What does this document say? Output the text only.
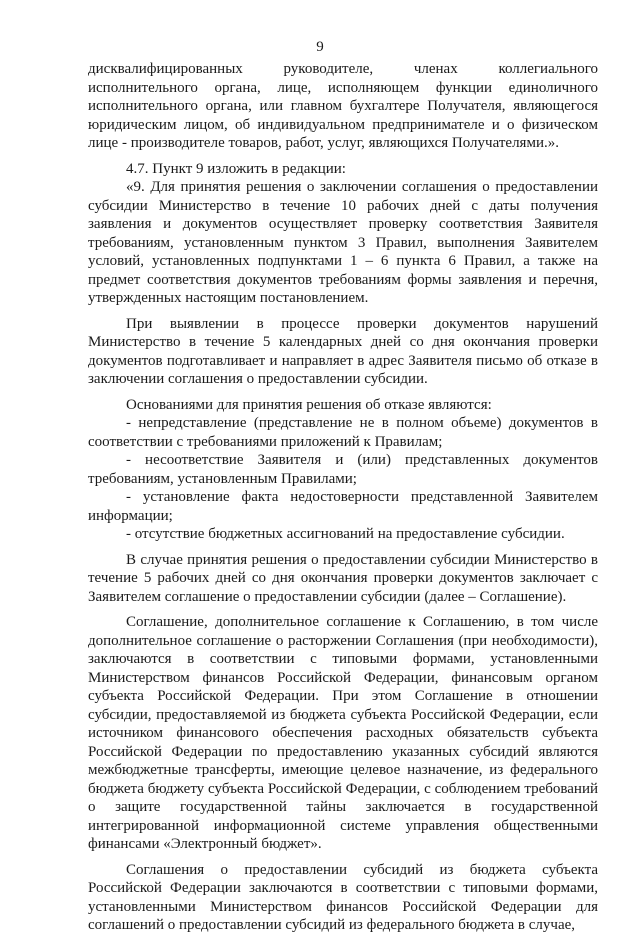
9

дисквалифицированных руководителе, членах коллегиального исполнительного органа, лице, исполняющем функции единоличного исполнительного органа, или главном бухгалтере Получателя, являющегося юридическим лицом, об индивидуальном предпринимателе и о физическом лице - производителе товаров, работ, услуг, являющихся Получателями.».

4.7. Пункт 9 изложить в редакции:

«9. Для принятия решения о заключении соглашения о предоставлении субсидии Министерство в течение 10 рабочих дней с даты получения заявления и документов осуществляет проверку соответствия Заявителя требованиям, установленным пунктом 3 Правил, выполнения Заявителем условий, установленных подпунктами 1 – 6 пункта 6 Правил, а также на предмет соответствия документов требованиям формы заявления и перечня, утвержденных настоящим постановлением.

При выявлении в процессе проверки документов нарушений Министерство в течение 5 календарных дней со дня окончания проверки документов подготавливает и направляет в адрес Заявителя письмо об отказе в заключении соглашения о предоставлении субсидии.

Основаниями для принятия решения об отказе являются:

- непредставление (представление не в полном объеме) документов в соответствии с требованиями приложений к Правилам;

- несоответствие Заявителя и (или) представленных документов требованиям, установленным Правилами;

- установление факта недостоверности представленной Заявителем информации;

- отсутствие бюджетных ассигнований на предоставление субсидии.

В случае принятия решения о предоставлении субсидии Министерство в течение 5 рабочих дней со дня окончания проверки документов заключает с Заявителем соглашение о предоставлении субсидии (далее – Соглашение).

Соглашение, дополнительное соглашение к Соглашению, в том числе дополнительное соглашение о расторжении Соглашения (при необходимости), заключаются в соответствии с типовыми формами, установленными Министерством финансов Российской Федерации, финансовым органом субъекта Российской Федерации. При этом Соглашение в отношении субсидии, предоставляемой из бюджета субъекта Российской Федерации, если источником финансового обеспечения расходных обязательств субъекта Российской Федерации по предоставлению указанных субсидий являются межбюджетные трансферты, имеющие целевое назначение, из федерального бюджета бюджету субъекта Российской Федерации, с соблюдением требований о защите государственной тайны заключается в государственной интегрированной информационной системе управления общественными финансами «Электронный бюджет».

Соглашения о предоставлении субсидий из бюджета субъекта Российской Федерации заключаются в соответствии с типовыми формами, установленными Министерством финансов Российской Федерации для соглашений о предоставлении субсидий из федерального бюджета в случае,
